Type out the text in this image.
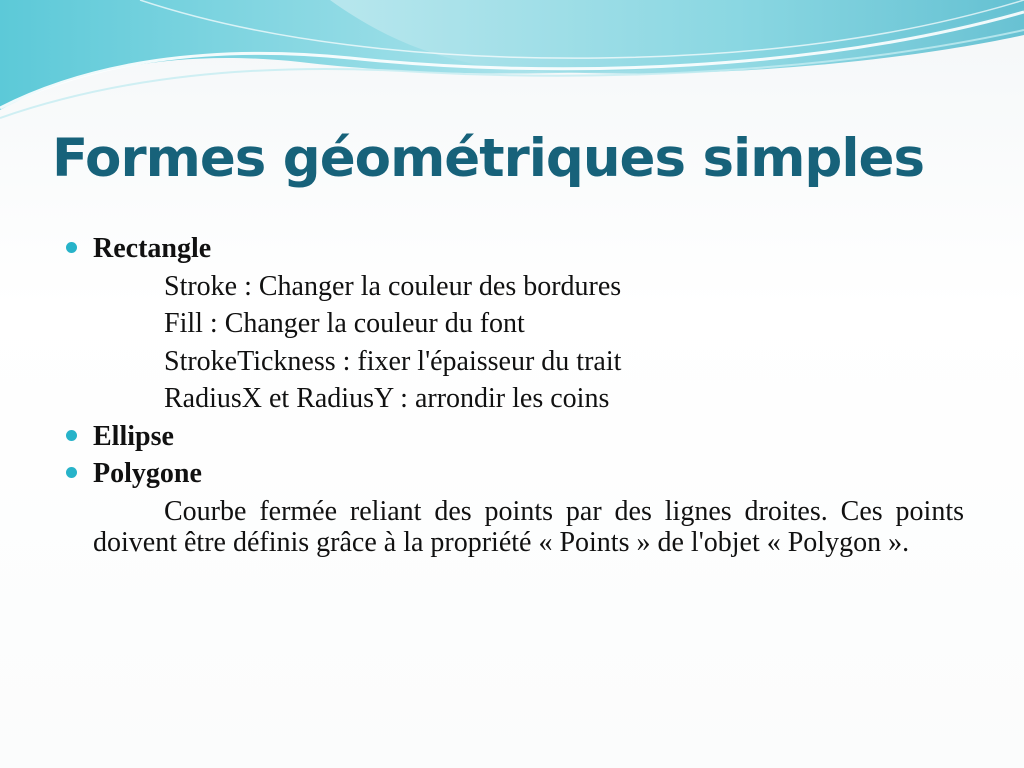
Formes géométriques simples
Rectangle
Stroke : Changer la couleur des bordures
Fill : Changer la couleur du font
StrokeTickness : fixer l'épaisseur du trait
RadiusX et RadiusY : arrondir les coins
Ellipse
Polygone

Courbe fermée reliant des points par des lignes droites. Ces points doivent être définis grâce à la propriété « Points » de l'objet « Polygon ».
